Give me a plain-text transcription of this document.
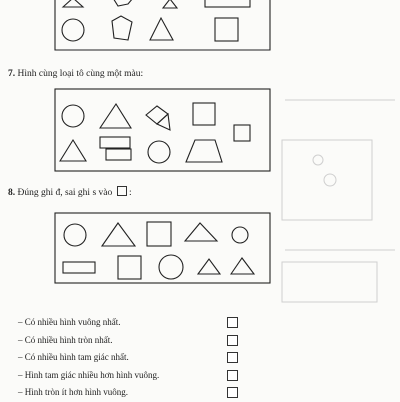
7. Hình cùng loại tô cùng một màu:
8. Đúng ghi đ, sai ghi s vào :
– Có nhiều hình vuông nhất.
– Có nhiều hình tròn nhất.
– Có nhiều hình tam giác nhất.
– Hình tam giác nhiều hơn hình vuông.
– Hình tròn ít hơn hình vuông.
